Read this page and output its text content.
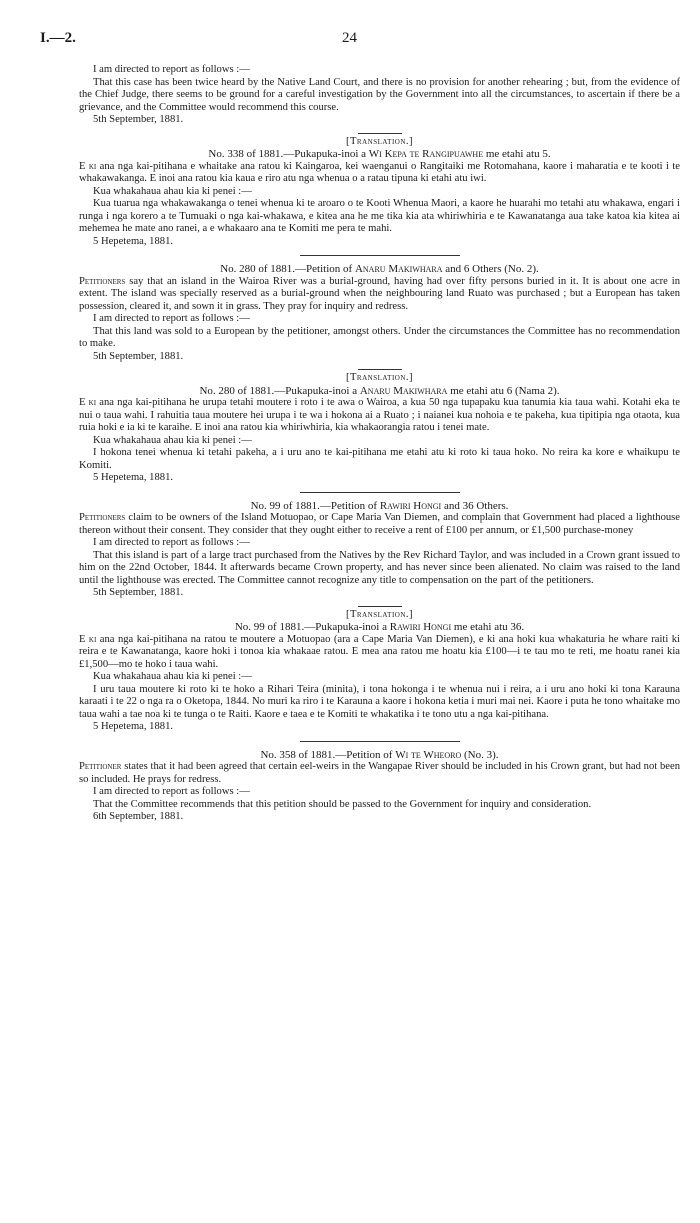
I.—2.	24

I am directed to report as follows :—

That this case has been twice heard by the Native Land Court, and there is no provision for another rehearing ; but, from the evidence of the Chief Judge, there seems to be ground for a careful investigation by the Government into all the circumstances, to ascertain if there be a grievance, and the Committee would recommend this course.

5th September, 1881.

[Translation.]

No. 338 of 1881.—Pukapuka-inoi a Wi Kepa te Rangipuawhe me etahi atu 5.

E ki ana nga kai-pitihana e whaitake ana ratou ki Kaingaroa, kei waenganui o Rangitaiki me Rotomahana, kaore i maharatia e te kooti i te whakawakanga. E inoi ana ratou kia kaua e riro atu nga whenua o a ratau tipuna ki etahi atu iwi.

Kua whakahaua ahau kia ki penei :—

Kua tuarua nga whakawakanga o tenei whenua ki te aroaro o te Kooti Whenua Maori, a kaore he huarahi mo tetahi atu whakawa, engari i runga i nga korero a te Tumuaki o nga kai-whakawa, e kitea ana he me tika kia ata whiriwhiria e te Kawanatanga aua take katoa kia kitea ai mehemea he mate ano ranei, a e whakaaro ana te Komiti me pera te mahi.

5 Hepetema, 1881.

No. 280 of 1881.—Petition of Anaru Makiwhara and 6 Others (No. 2).

Petitioners say that an island in the Wairoa River was a burial-ground, having had over fifty persons buried in it. It is about one acre in extent. The island was specially reserved as a burial-ground when the neighbouring land Ruato was purchased ; but a European has taken possession, cleared it, and sown it in grass. They pray for inquiry and redress.

I am directed to report as follows :—

That this land was sold to a European by the petitioner, amongst others. Under the circumstances the Committee has no recommendation to make.

5th September, 1881.

[Translation.]

No. 280 of 1881.—Pukapuka-inoi a Anaru Makiwhara me etahi atu 6 (Nama 2).

E ki ana nga kai-pitihana he urupa tetahi moutere i roto i te awa o Wairoa, a kua 50 nga tupapaku kua tanumia kia taua wahi. Kotahi eka te nui o taua wahi. I rahuitia taua moutere hei urupa i te wa i hokona ai a Ruato ; i naianei kua nohoia e te pakeha, kua tipitipia nga otaota, kua ruia hoki e ia ki te karaihe. E inoi ana ratou kia whiriwhiria, kia whakaorangia ratou i tenei mate.

Kua whakahaua ahau kia ki penei :—

I hokona tenei whenua ki tetahi pakeha, a i uru ano te kai-pitihana me etahi atu ki roto ki taua hoko. No reira ka kore e whaikupu te Komiti.

5 Hepetema, 1881.

No. 99 of 1881.—Petition of Rawiri Hongi and 36 Others.

Petitioners claim to be owners of the Island Motuopao, or Cape Maria Van Diemen, and complain that Government had placed a lighthouse thereon without their consent. They consider that they ought either to receive a rent of £100 per annum, or £1,500 purchase-money

I am directed to report as follows :—

That this island is part of a large tract purchased from the Natives by the Rev Richard Taylor, and was included in a Crown grant issued to him on the 22nd October, 1844. It afterwards became Crown property, and has never since been alienated. No claim was raised to the land until the lighthouse was erected. The Committee cannot recognize any title to compensation on the part of the petitioners.

5th September, 1881.

[Translation.]

No. 99 of 1881.—Pukapuka-inoi a Rawiri Hongi me etahi atu 36.

E ki ana nga kai-pitihana na ratou te moutere a Motuopao (ara a Cape Maria Van Diemen), e ki ana hoki kua whakaturia he whare raiti ki reira e te Kawanatanga, kaore hoki i tonoa kia whakaae ratou. E mea ana ratou me hoatu kia £100—i te tau mo te reti, me hoatu ranei kia £1,500—mo te hoko i taua wahi.

Kua whakahaua ahau kia ki penei :—

I uru taua moutere ki roto ki te hoko a Rihari Teira (minita), i tona hokonga i te whenua nui i reira, a i uru ano hoki ki tona Karauna karaati i te 22 o nga ra o Oketopa, 1844. No muri ka riro i te Karauna a kaore i hokona ketia i muri mai nei. Kaore i puta he tono whaitake mo taua wahi a tae noa ki te tunga o te Raiti. Kaore e taea e te Komiti te whakatika i te tono utu a nga kai-pitihana.

5 Hepetema, 1881.

No. 358 of 1881.—Petition of Wi te Wheoro (No. 3).

Petitioner states that it had been agreed that certain eel-weirs in the Wangapae River should be included in his Crown grant, but had not been so included. He prays for redress.

I am directed to report as follows :—

That the Committee recommends that this petition should be passed to the Government for inquiry and consideration.

6th September, 1881.
